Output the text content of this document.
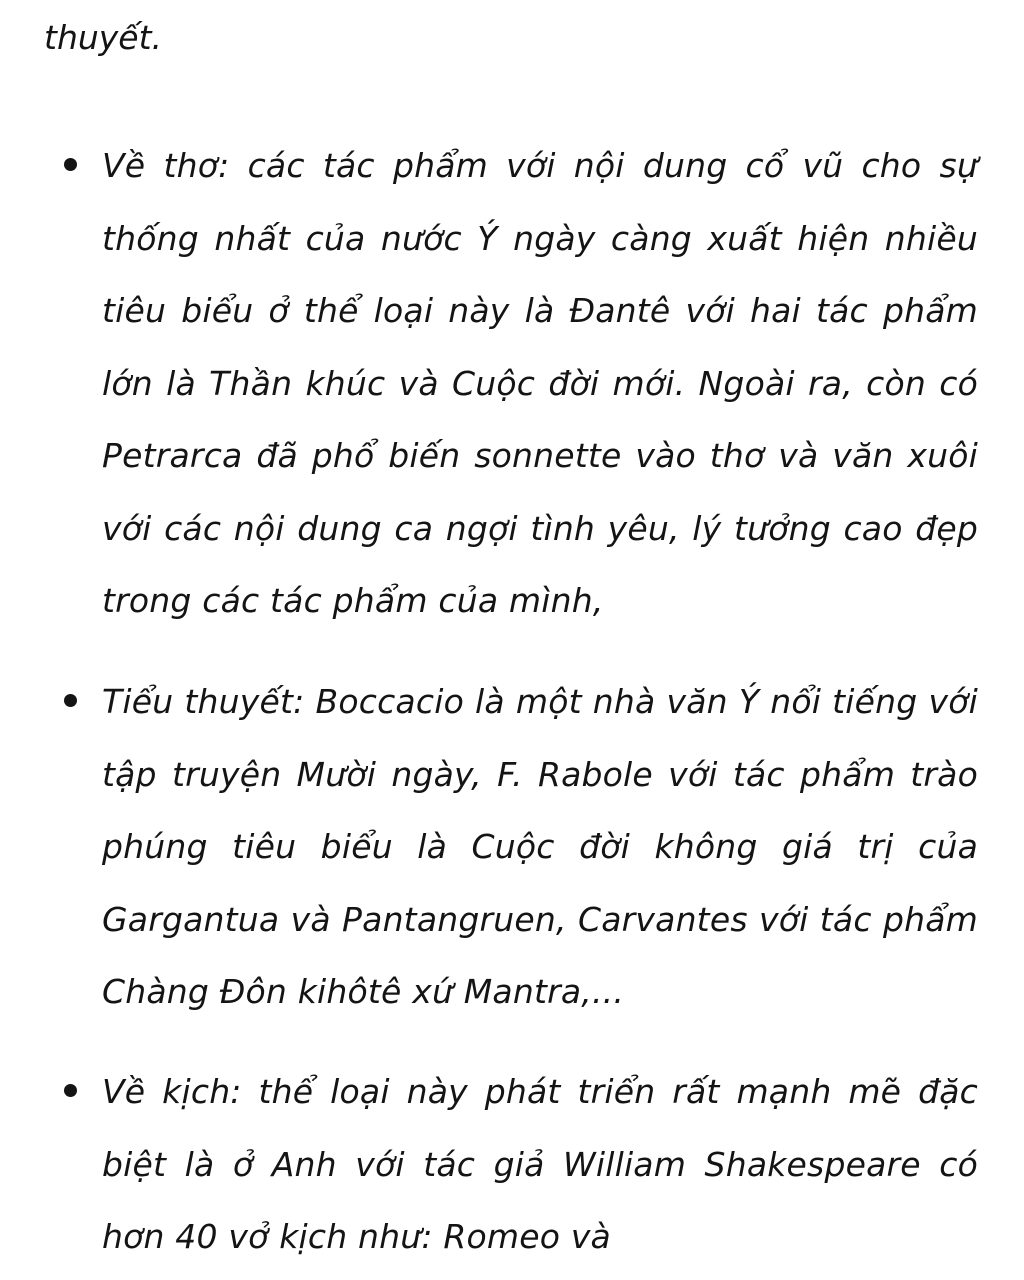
thuyết.

Về thơ: các tác phẩm với nội dung cổ vũ cho sự thống nhất của nước Ý ngày càng xuất hiện nhiều tiêu biểu ở thể loại này là Đantê với hai tác phẩm lớn là Thần khúc và Cuộc đời mới. Ngoài ra, còn có Petrarca đã phổ biến sonnette vào thơ và văn xuôi với các nội dung ca ngợi tình yêu, lý tưởng cao đẹp trong các tác phẩm của mình,

Tiểu thuyết: Boccacio là một nhà văn Ý nổi tiếng với tập truyện Mười ngày, F. Rabole với tác phẩm trào phúng tiêu biểu là Cuộc đời không giá trị của Gargantua và Pantangruen, Carvantes với tác phẩm Chàng Đôn kihôtê xứ Mantra,...

Về kịch: thể loại này phát triển rất mạnh mẽ đặc biệt là ở Anh với tác giả William Shakespeare có hơn 40 vở kịch như: Romeo và
